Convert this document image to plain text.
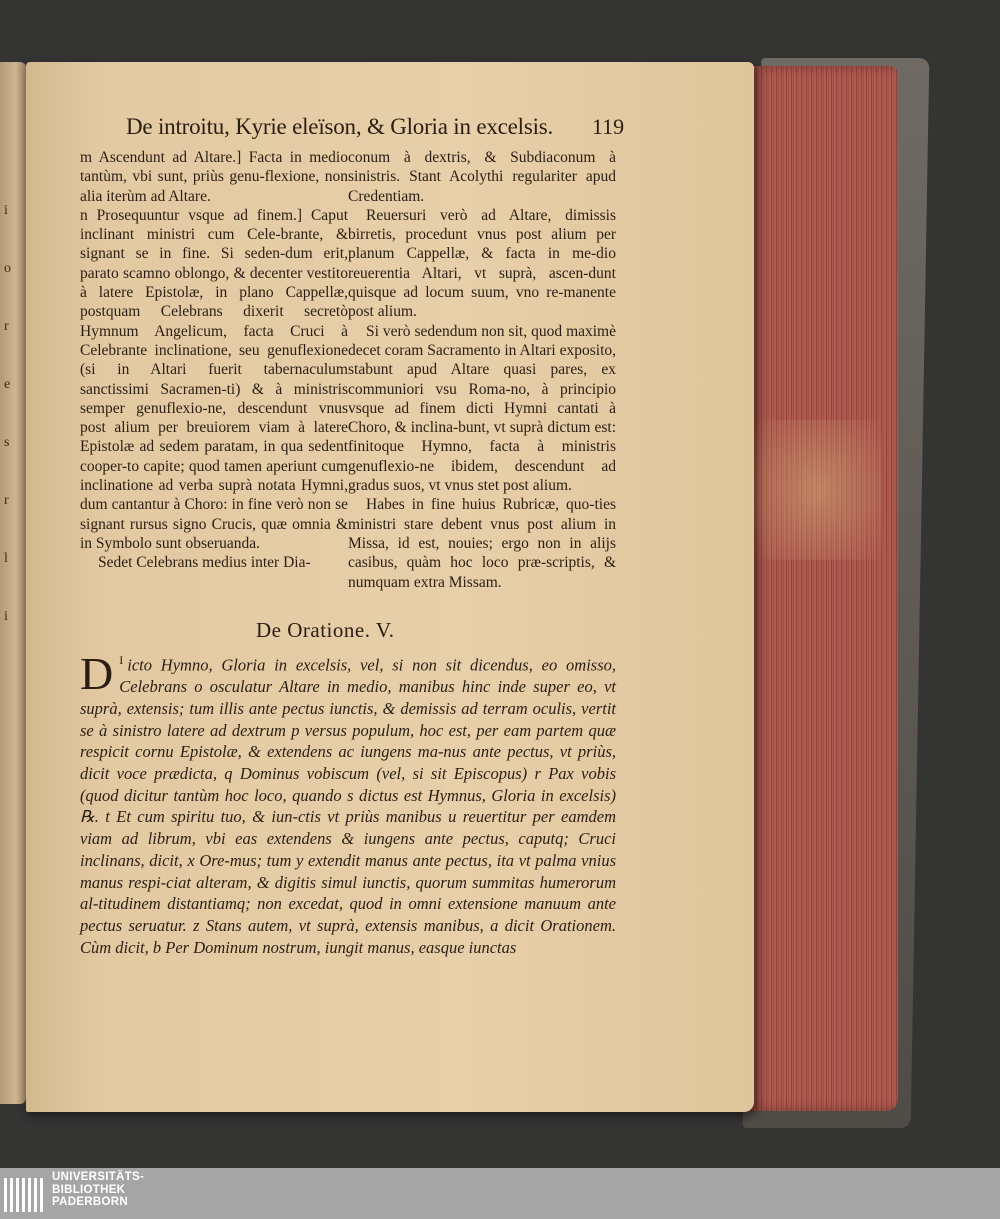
i
o
r
e
s
r
l
i
De introitu, Kyrie eleïson, & Gloria in excelsis.	119

m Ascendunt ad Altare.] Facta in medio tantùm, vbi sunt, priùs genu-flexione, non alia iterùm ad Altare.

n Prosequuntur vsque ad finem.] Caput inclinant ministri cum Cele-brante, & signant se in fine. Si seden-dum erit, parato scamno oblongo, & decenter vestito à latere Epistolæ, in plano Cappellæ, postquam Celebrans dixerit secretò Hymnum Angelicum, facta Cruci à Celebrante inclinatione, seu genuflexione (si in Altari fuerit tabernaculum sanctissimi Sacramen-ti) & à ministris semper genuflexio-ne, descendunt vnus post alium per breuiorem viam à latere Epistolæ ad sedem paratam, in qua sedent cooper-to capite; quod tamen aperiunt cum inclinatione ad verba suprà notata Hymni, dum cantantur à Choro: in fine verò non se signant rursus signo Crucis, quæ omnia & in Symbolo sunt obseruanda.

Sedet Celebrans medius inter Dia-

conum à dextris, & Subdiaconum à sinistris. Stant Acolythi regulariter apud Credentiam.

Reuersuri verò ad Altare, dimissis birretis, procedunt vnus post alium per planum Cappellæ, & facta in me-dio reuerentia Altari, vt suprà, ascen-dunt quisque ad locum suum, vno re-manente post alium.

Si verò sedendum non sit, quod maximè decet coram Sacramento in Altari exposito, stabunt apud Altare quasi pares, ex communiori vsu Roma-no, à principio vsque ad finem dicti Hymni cantati à Choro, & inclina-bunt, vt suprà dictum est: finitoque Hymno, facta à ministris genuflexio-ne ibidem, descendunt ad gradus suos, vt vnus stet post alium.

Habes in fine huius Rubricæ, quo-ties ministri stare debent vnus post alium in Missa, id est, nouies; ergo non in alijs casibus, quàm hoc loco præ-scriptis, & numquam extra Missam.

De Oratione. V.

$^I$
D icto Hymno, Gloria in excelsis, vel, si non sit dicendus, eo omisso, Celebrans o osculatur Altare in medio, manibus hinc inde super eo, vt suprà, extensis; tum illis ante pectus iunctis, & demissis ad terram oculis, vertit se à sinistro latere ad dextrum p versus populum, hoc est, per eam partem quæ respicit cornu Epistolæ, & extendens ac iungens ma-nus ante pectus, vt priùs, dicit voce prædicta, q Dominus vobiscum (vel, si sit Episcopus) r Pax vobis (quod dicitur tantùm hoc loco, quando s dictus est Hymnus, Gloria in excelsis) ℞. t Et cum spiritu tuo, & iun-ctis vt priùs manibus u reuertitur per eamdem viam ad librum, vbi eas extendens & iungens ante pectus, caputq; Cruci inclinans, dicit, x Ore-mus; tum y extendit manus ante pectus, ita vt palma vnius manus respi-ciat alteram, & digitis simul iunctis, quorum summitas humerorum al-titudinem distantiamq; non excedat, quod in omni extensione manuum ante pectus seruatur. z Stans autem, vt suprà, extensis manibus, a dicit Orationem. Cùm dicit, b Per Dominum nostrum, iungit manus, easque iunctas

UNIVERSITÄTS-
BIBLIOTHEK
PADERBORN
